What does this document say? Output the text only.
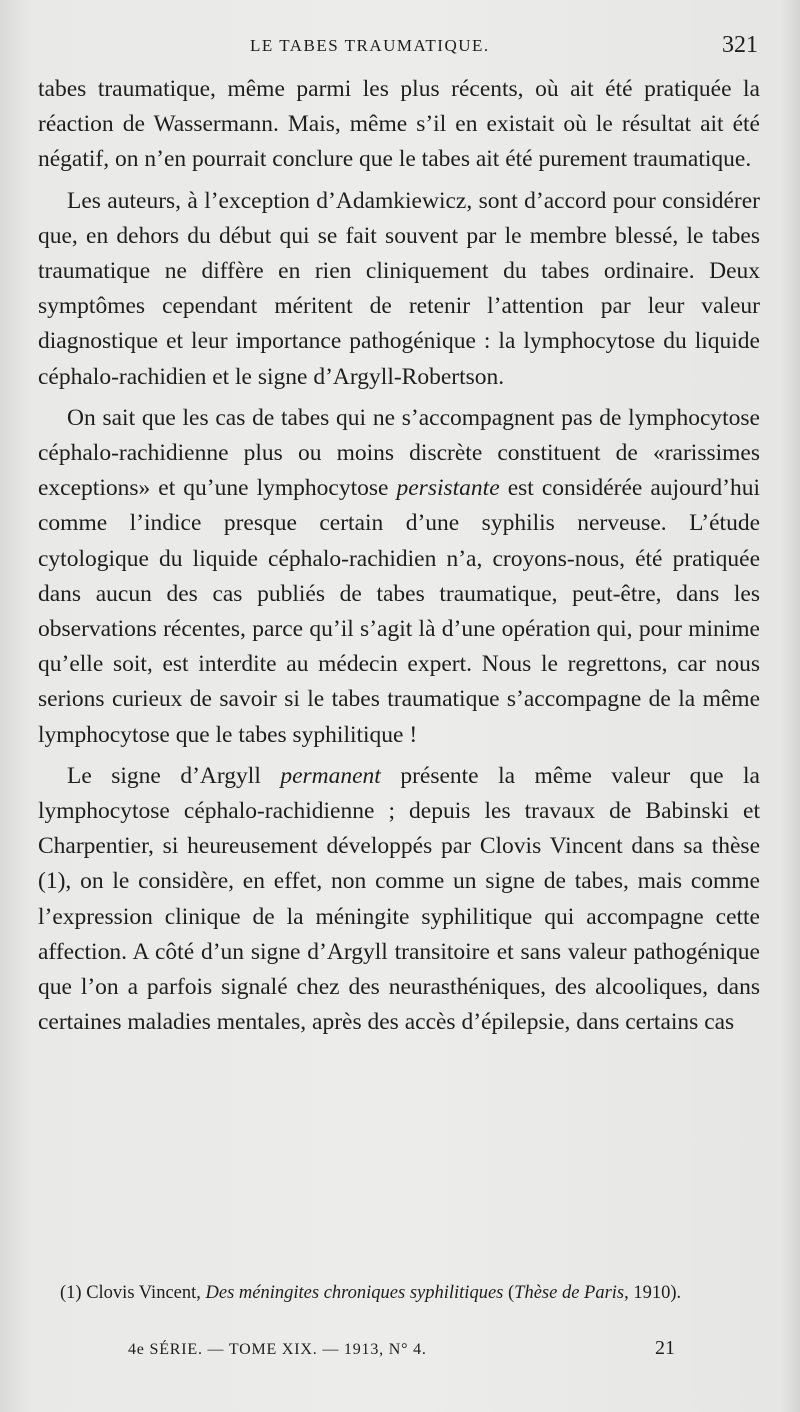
LE TABES TRAUMATIQUE.	321

tabes traumatique, même parmi les plus récents, où ait été pratiquée la réaction de Wassermann. Mais, même s’il en existait où le résultat ait été négatif, on n’en pourrait conclure que le tabes ait été purement traumatique.

Les auteurs, à l’exception d’Adamkiewicz, sont d’accord pour considérer que, en dehors du début qui se fait souvent par le membre blessé, le tabes traumatique ne diffère en rien cliniquement du tabes ordinaire. Deux symptômes cependant méritent de retenir l’attention par leur valeur diagnostique et leur importance pathogénique : la lymphocytose du liquide céphalo-rachidien et le signe d’Argyll-Robertson.

On sait que les cas de tabes qui ne s’accompagnent pas de lymphocytose céphalo-rachidienne plus ou moins discrète constituent de «rarissimes exceptions» et qu’une lymphocytose persistante est considérée aujourd’hui comme l’indice presque certain d’une syphilis nerveuse. L’étude cytologique du liquide céphalo-rachidien n’a, croyons-nous, été pratiquée dans aucun des cas publiés de tabes traumatique, peut-être, dans les observations récentes, parce qu’il s’agit là d’une opération qui, pour minime qu’elle soit, est interdite au médecin expert. Nous le regrettons, car nous serions curieux de savoir si le tabes traumatique s’accompagne de la même lymphocytose que le tabes syphilitique !

Le signe d’Argyll permanent présente la même valeur que la lymphocytose céphalo-rachidienne ; depuis les travaux de Babinski et Charpentier, si heureusement développés par Clovis Vincent dans sa thèse (1), on le considère, en effet, non comme un signe de tabes, mais comme l’expression clinique de la méningite syphilitique qui accompagne cette affection. A côté d’un signe d’Argyll transitoire et sans valeur pathogénique que l’on a parfois signalé chez des neurasthéniques, des alcooliques, dans certaines maladies mentales, après des accès d’épilepsie, dans certains cas

(1) Clovis Vincent, Des méningites chroniques syphilitiques (Thèse de Paris, 1910).
4e SÉRIE. — TOME XIX. — 1913, N° 4.	21
